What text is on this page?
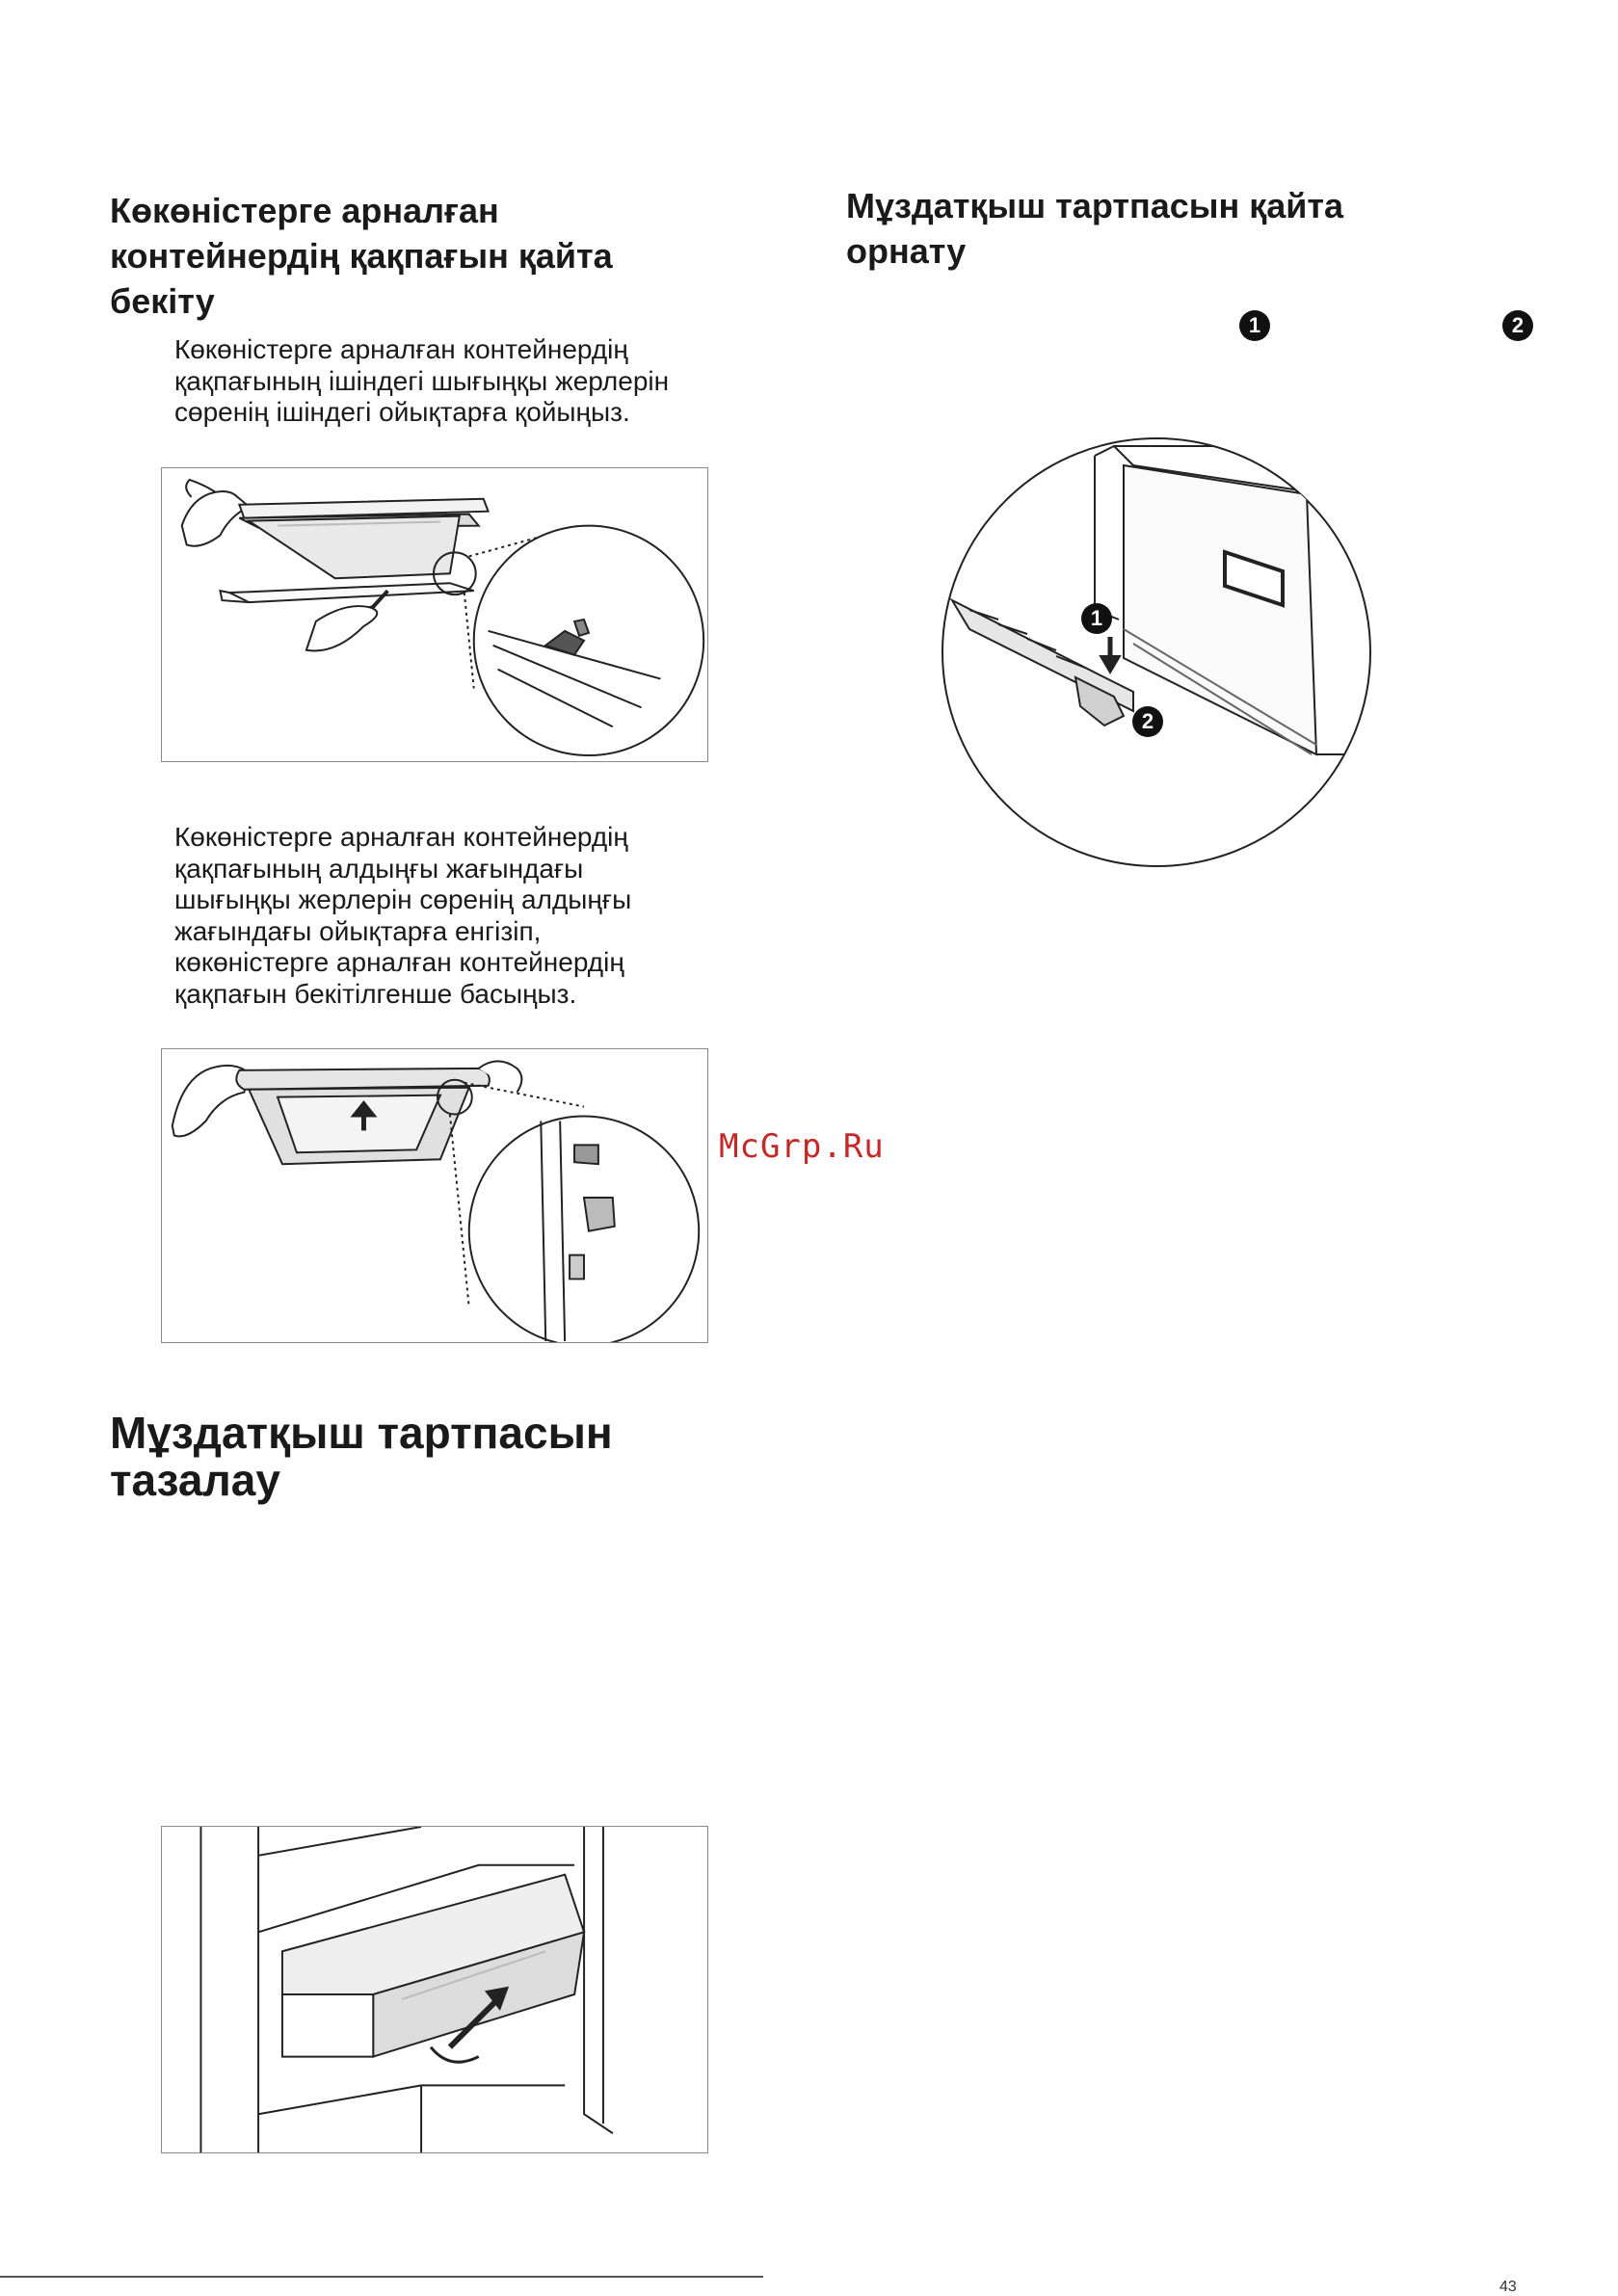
Көкөністерге арналған
контейнердің қақпағын қайта
бекіту

Көкөністерге арналған контейнердің
қақпағының ішіндегі шығыңқы жерлерін
сөренің ішіндегі ойықтарға қойыңыз.

Көкөністерге арналған контейнердің
қақпағының алдыңғы жағындағы
шығыңқы жерлерін сөренің алдыңғы
жағындағы ойықтарға енгізіп,
көкөністерге арналған контейнердің
қақпағын бекітілгенше басыңыз.

Мұздатқыш тартпасын
тазалау
Мұздатқыш тартпасын қайта
орнату
1	2
1
2
McGrp.Ru
43
